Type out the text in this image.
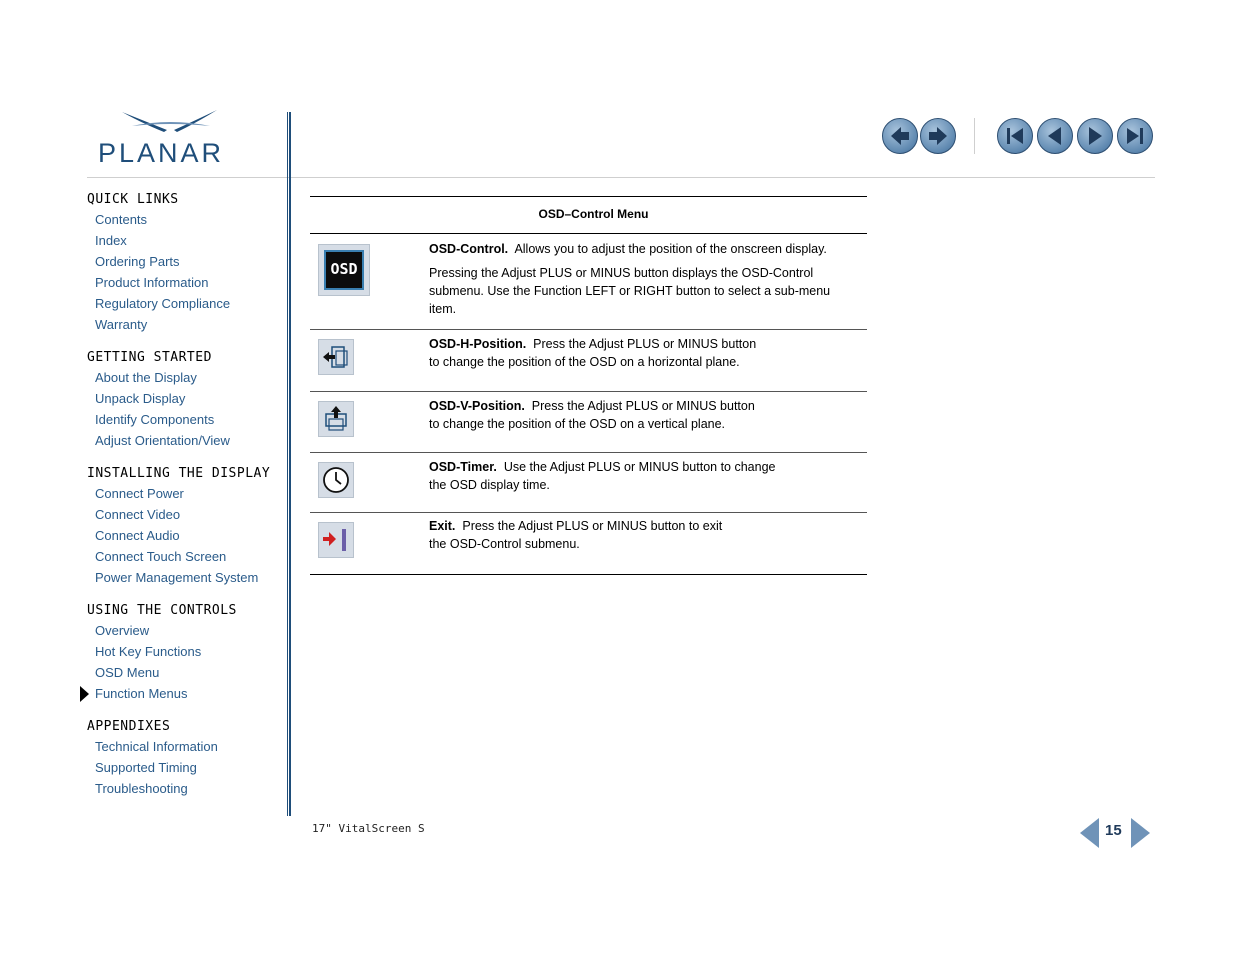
PLANAR
QUICK LINKS
Contents
Index
Ordering Parts
Product Information
Regulatory Compliance
Warranty
GETTING STARTED
About the Display
Unpack Display
Identify Components
Adjust Orientation/View
INSTALLING THE DISPLAY
Connect Power
Connect Video
Connect Audio
Connect Touch Screen
Power Management System
USING THE CONTROLS
Overview
Hot Key Functions
OSD Menu
Function Menus
APPENDIXES
Technical Information
Supported Timing
Troubleshooting
OSD–Control Menu
OSD

OSD-Control. Allows you to adjust the position of the onscreen display.

Pressing the Adjust PLUS or MINUS button displays the OSD-Control submenu. Use the Function LEFT or RIGHT button to select a sub-menu item.

OSD-H-Position. Press the Adjust PLUS or MINUS button

to change the position of the OSD on a horizontal plane.

OSD-V-Position. Press the Adjust PLUS or MINUS button

to change the position of the OSD on a vertical plane.

OSD-Timer. Use the Adjust PLUS or MINUS button to change

the OSD display time.

Exit. Press the Adjust PLUS or MINUS button to exit

the OSD-Control submenu.

17" VitalScreen S	15
